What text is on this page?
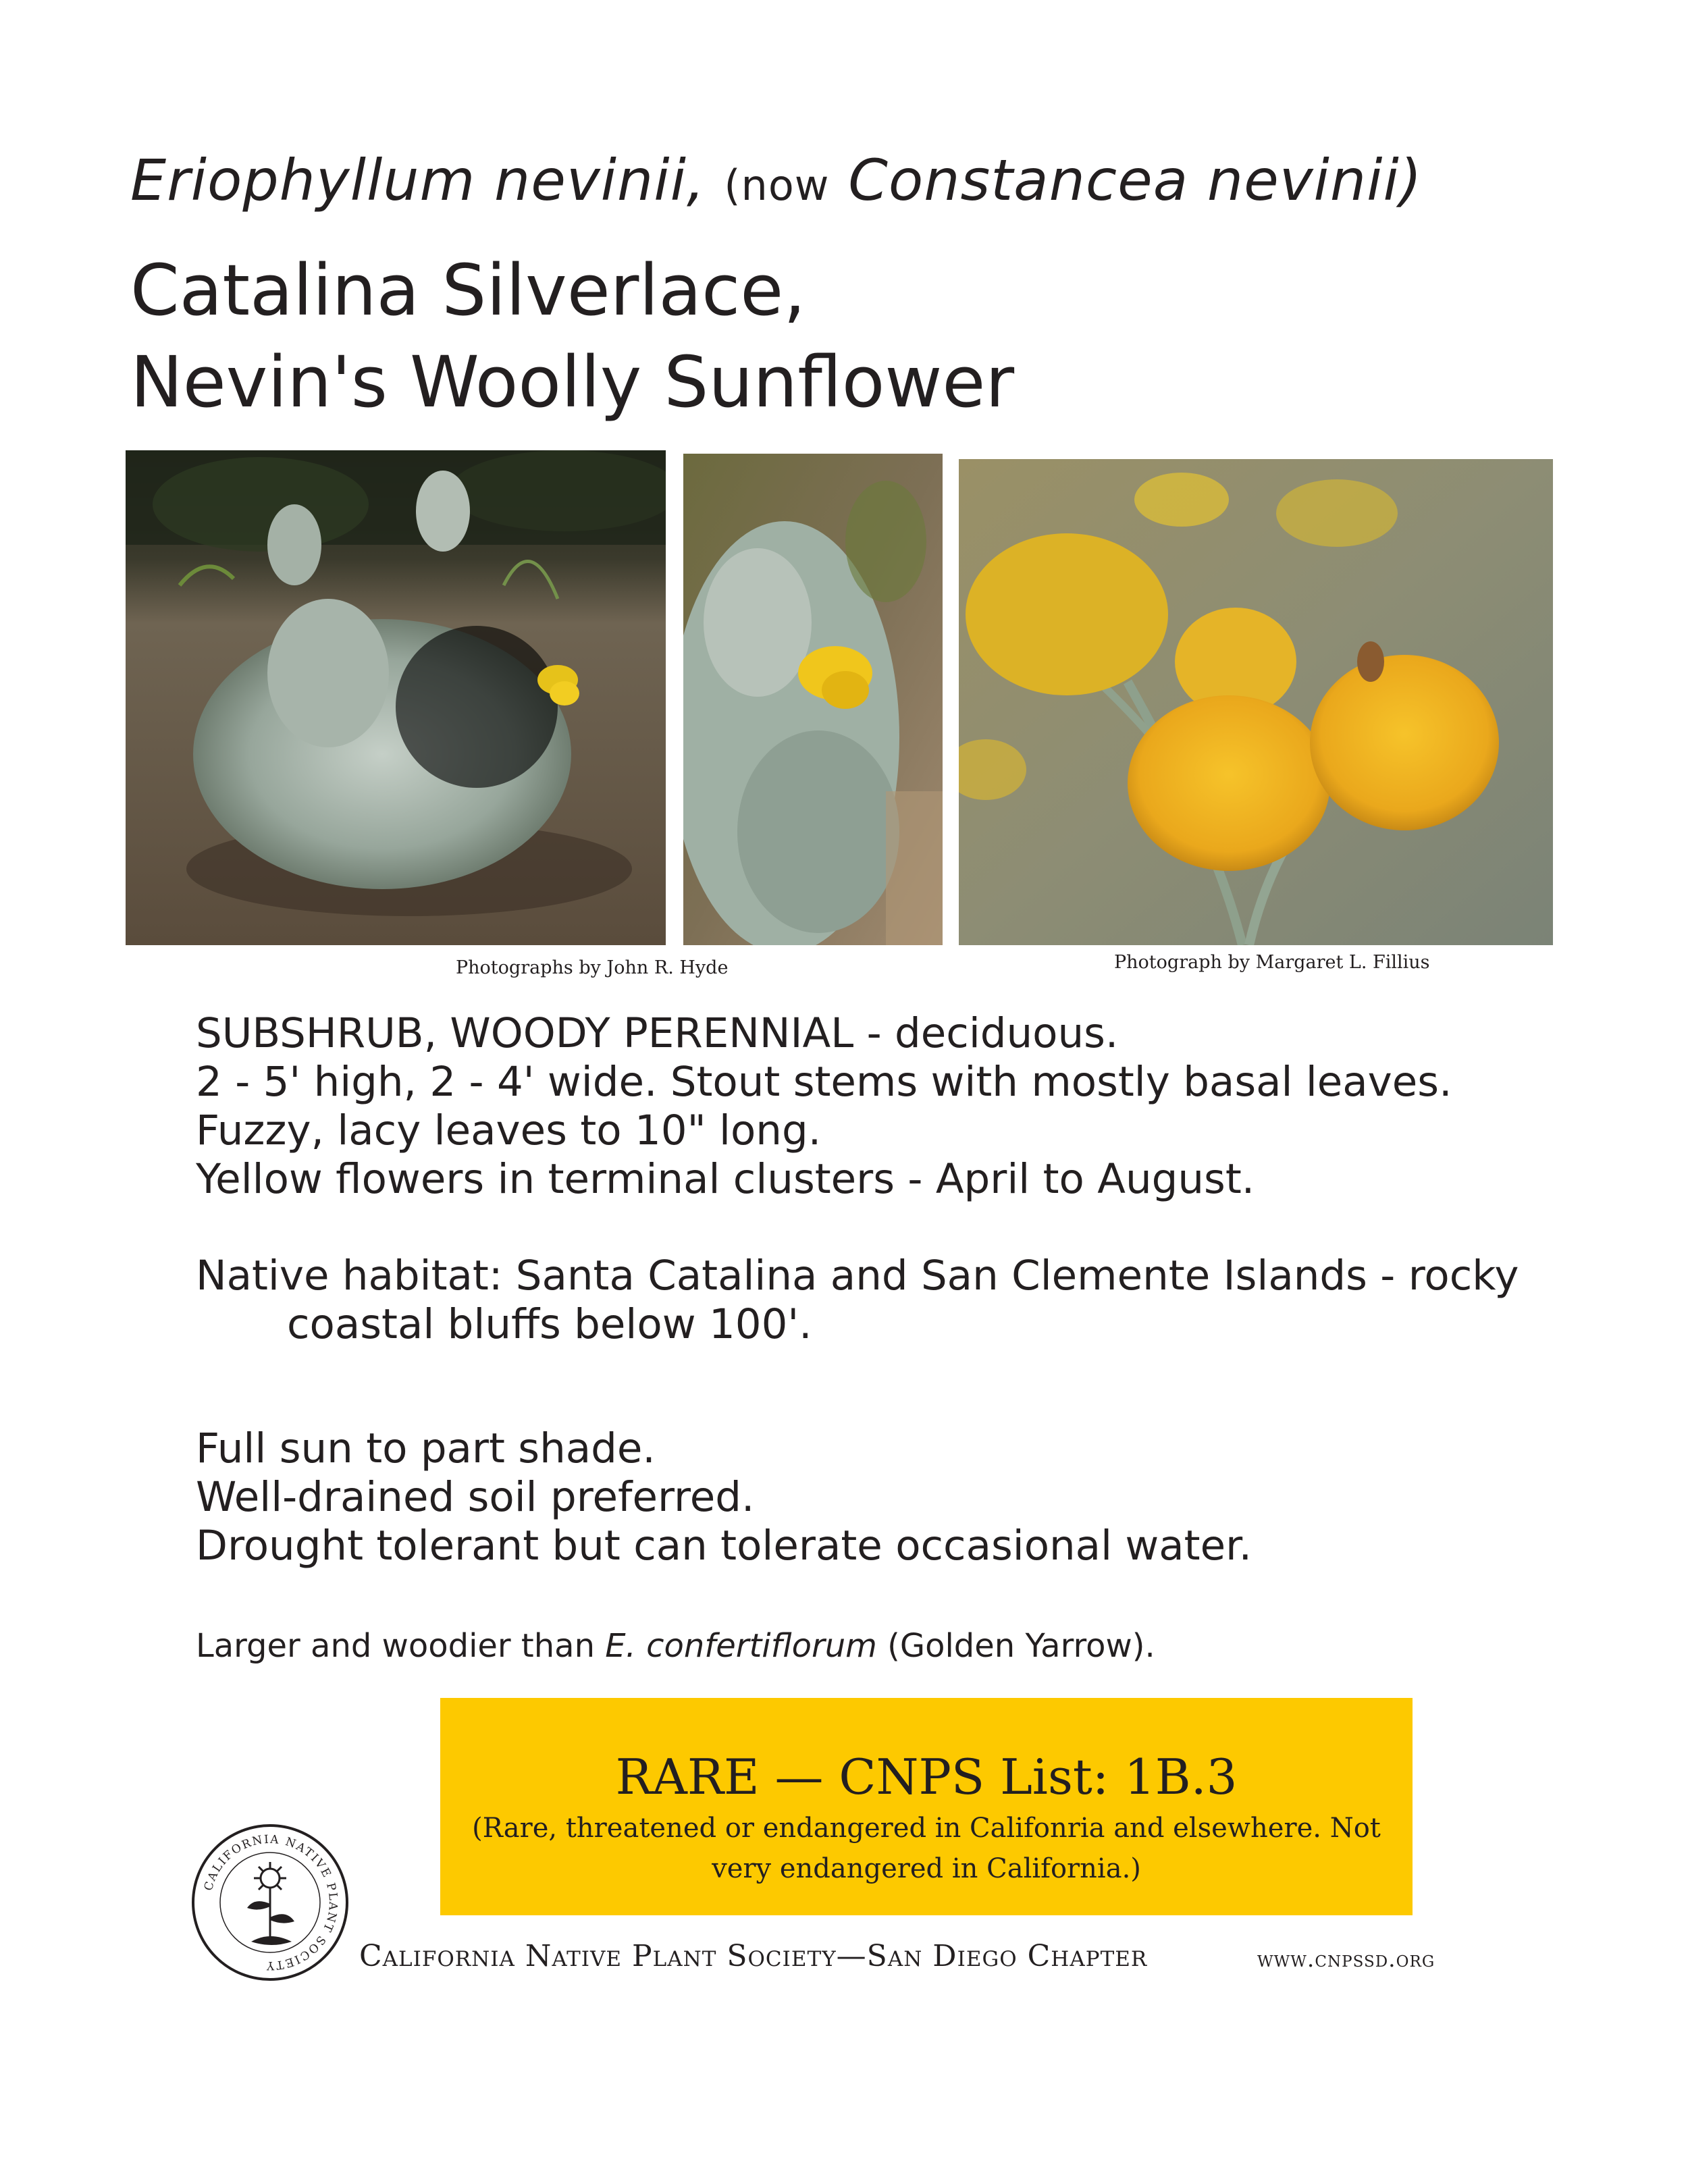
Eriophyllum nevinii, (now Constancea nevinii)
Catalina Silverlace,
Nevin's Woolly Sunflower
Photographs by John R. Hyde	Photograph by Margaret L. Fillius
SUBSHRUB, WOODY PERENNIAL - deciduous.
2 - 5' high, 2 - 4' wide. Stout stems with mostly basal leaves.
Fuzzy, lacy leaves to 10" long.
Yellow flowers in terminal clusters - April to August.
Native habitat: Santa Catalina and San Clemente Islands - rocky
coastal bluffs below 100'.
Full sun to part shade.
Well-drained soil preferred.
Drought tolerant but can tolerate occasional water.
Larger and woodier than E. confertiflorum (Golden Yarrow).
RARE — CNPS List: 1B.3
(Rare, threatened or endangered in Califonria and elsewhere. Not very endangered in California.)
CALIFORNIA NATIVE PLANT SOCIETY	California Native Plant Society—San Diego Chapter	www.cnpssd.org
